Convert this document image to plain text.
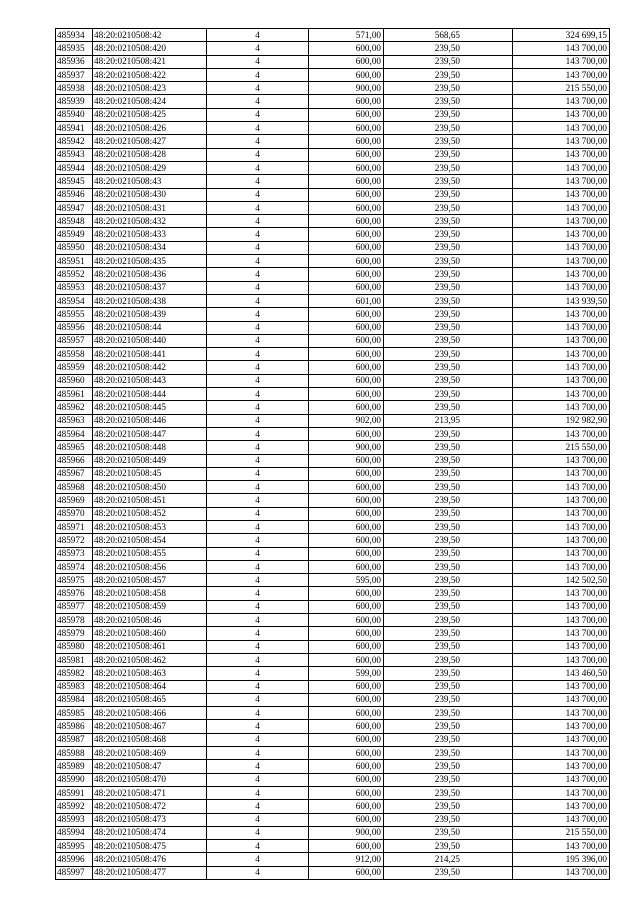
485934	48:20:0210508:42	4	571,00	568,65	324 699,15
485935	48:20:0210508:420	4	600,00	239,50	143 700,00
485936	48:20:0210508:421	4	600,00	239,50	143 700,00
485937	48:20:0210508:422	4	600,00	239,50	143 700,00
485938	48:20:0210508:423	4	900,00	239,50	215 550,00
485939	48:20:0210508:424	4	600,00	239,50	143 700,00
485940	48:20:0210508:425	4	600,00	239,50	143 700,00
485941	48:20:0210508:426	4	600,00	239,50	143 700,00
485942	48:20:0210508:427	4	600,00	239,50	143 700,00
485943	48:20:0210508:428	4	600,00	239,50	143 700,00
485944	48:20:0210508:429	4	600,00	239,50	143 700,00
485945	48:20:0210508:43	4	600,00	239,50	143 700,00
485946	48:20:0210508:430	4	600,00	239,50	143 700,00
485947	48:20:0210508:431	4	600,00	239,50	143 700,00
485948	48:20:0210508:432	4	600,00	239,50	143 700,00
485949	48:20:0210508:433	4	600,00	239,50	143 700,00
485950	48:20:0210508:434	4	600,00	239,50	143 700,00
485951	48:20:0210508:435	4	600,00	239,50	143 700,00
485952	48:20:0210508:436	4	600,00	239,50	143 700,00
485953	48:20:0210508:437	4	600,00	239,50	143 700,00
485954	48:20:0210508:438	4	601,00	239,50	143 939,50
485955	48:20:0210508:439	4	600,00	239,50	143 700,00
485956	48:20:0210508:44	4	600,00	239,50	143 700,00
485957	48:20:0210508:440	4	600,00	239,50	143 700,00
485958	48:20:0210508:441	4	600,00	239,50	143 700,00
485959	48:20:0210508:442	4	600,00	239,50	143 700,00
485960	48:20:0210508:443	4	600,00	239,50	143 700,00
485961	48:20:0210508:444	4	600,00	239,50	143 700,00
485962	48:20:0210508:445	4	600,00	239,50	143 700,00
485963	48:20:0210508:446	4	902,00	213,95	192 982,90
485964	48:20:0210508:447	4	600,00	239,50	143 700,00
485965	48:20:0210508:448	4	900,00	239,50	215 550,00
485966	48:20:0210508:449	4	600,00	239,50	143 700,00
485967	48:20:0210508:45	4	600,00	239,50	143 700,00
485968	48:20:0210508:450	4	600,00	239,50	143 700,00
485969	48:20:0210508:451	4	600,00	239,50	143 700,00
485970	48:20:0210508:452	4	600,00	239,50	143 700,00
485971	48:20:0210508:453	4	600,00	239,50	143 700,00
485972	48:20:0210508:454	4	600,00	239,50	143 700,00
485973	48:20:0210508:455	4	600,00	239,50	143 700,00
485974	48:20:0210508:456	4	600,00	239,50	143 700,00
485975	48:20:0210508:457	4	595,00	239,50	142 502,50
485976	48:20:0210508:458	4	600,00	239,50	143 700,00
485977	48:20:0210508:459	4	600,00	239,50	143 700,00
485978	48:20:0210508:46	4	600,00	239,50	143 700,00
485979	48:20:0210508:460	4	600,00	239,50	143 700,00
485980	48:20:0210508:461	4	600,00	239,50	143 700,00
485981	48:20:0210508:462	4	600,00	239,50	143 700,00
485982	48:20:0210508:463	4	599,00	239,50	143 460,50
485983	48:20:0210508:464	4	600,00	239,50	143 700,00
485984	48:20:0210508:465	4	600,00	239,50	143 700,00
485985	48:20:0210508:466	4	600,00	239,50	143 700,00
485986	48:20:0210508:467	4	600,00	239,50	143 700,00
485987	48:20:0210508:468	4	600,00	239,50	143 700,00
485988	48:20:0210508:469	4	600,00	239,50	143 700,00
485989	48:20:0210508:47	4	600,00	239,50	143 700,00
485990	48:20:0210508:470	4	600,00	239,50	143 700,00
485991	48:20:0210508:471	4	600,00	239,50	143 700,00
485992	48:20:0210508:472	4	600,00	239,50	143 700,00
485993	48:20:0210508:473	4	600,00	239,50	143 700,00
485994	48:20:0210508:474	4	900,00	239,50	215 550,00
485995	48:20:0210508:475	4	600,00	239,50	143 700,00
485996	48:20:0210508:476	4	912,00	214,25	195 396,00
485997	48:20:0210508:477	4	600,00	239,50	143 700,00
